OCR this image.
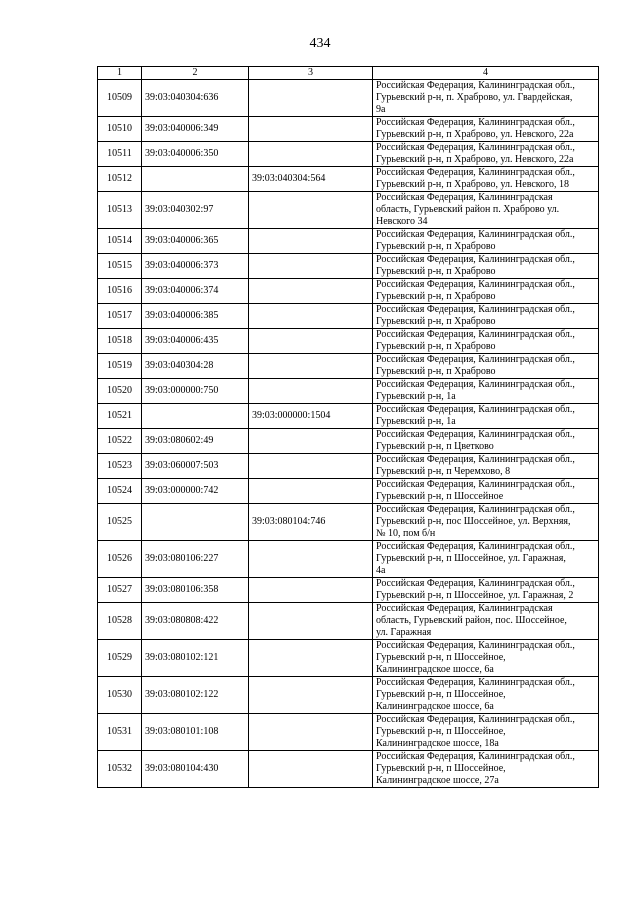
434
1	2	3	4
10509	39:03:040304:636		Российская Федерация, Калининградская обл.,
Гурьевский р-н, п. Храброво, ул. Гвардейская,
9а

10510	39:03:040006:349		Российская Федерация, Калининградская обл.,
Гурьевский р-н, п Храброво, ул. Невского, 22а

10511	39:03:040006:350		Российская Федерация, Калининградская обл.,
Гурьевский р-н, п Храброво, ул. Невского, 22а

10512		39:03:040304:564	Российская Федерация, Калининградская обл.,
Гурьевский р-н, п Храброво, ул. Невского, 18

10513	39:03:040302:97		Российская Федерация, Калининградская
область, Гурьевский район п. Храброво ул.
Невского 34

10514	39:03:040006:365		Российская Федерация, Калининградская обл.,
Гурьевский р-н, п Храброво

10515	39:03:040006:373		Российская Федерация, Калининградская обл.,
Гурьевский р-н, п Храброво

10516	39:03:040006:374		Российская Федерация, Калининградская обл.,
Гурьевский р-н, п Храброво

10517	39:03:040006:385		Российская Федерация, Калининградская обл.,
Гурьевский р-н, п Храброво

10518	39:03:040006:435		Российская Федерация, Калининградская обл.,
Гурьевский р-н, п Храброво

10519	39:03:040304:28		Российская Федерация, Калининградская обл.,
Гурьевский р-н, п Храброво

10520	39:03:000000:750		Российская Федерация, Калининградская обл.,
Гурьевский р-н, 1а

10521		39:03:000000:1504	Российская Федерация, Калининградская обл.,
Гурьевский р-н, 1а

10522	39:03:080602:49		Российская Федерация, Калининградская обл.,
Гурьевский р-н, п Цветково

10523	39:03:060007:503		Российская Федерация, Калининградская обл.,
Гурьевский р-н, п Черемхово, 8

10524	39:03:000000:742		Российская Федерация, Калининградская обл.,
Гурьевский р-н, п Шоссейное

10525		39:03:080104:746	Российская Федерация, Калининградская обл.,
Гурьевский р-н, пос Шоссейное, ул. Верхняя,
№ 10, пом б/н

10526	39:03:080106:227		Российская Федерация, Калининградская обл.,
Гурьевский р-н, п Шоссейное, ул. Гаражная,
4а

10527	39:03:080106:358		Российская Федерация, Калининградская обл.,
Гурьевский р-н, п Шоссейное, ул. Гаражная, 2

10528	39:03:080808:422		Российская Федерация, Калининградская
область, Гурьевский район, пос. Шоссейное,
ул. Гаражная

10529	39:03:080102:121		Российская Федерация, Калининградская обл.,
Гурьевский р-н, п Шоссейное,
Калининградское шоссе, 6а

10530	39:03:080102:122		Российская Федерация, Калининградская обл.,
Гурьевский р-н, п Шоссейное,
Калининградское шоссе, 6а

10531	39:03:080101:108		Российская Федерация, Калининградская обл.,
Гурьевский р-н, п Шоссейное,
Калининградское шоссе, 18а

10532	39:03:080104:430		Российская Федерация, Калининградская обл.,
Гурьевский р-н, п Шоссейное,
Калининградское шоссе, 27а
